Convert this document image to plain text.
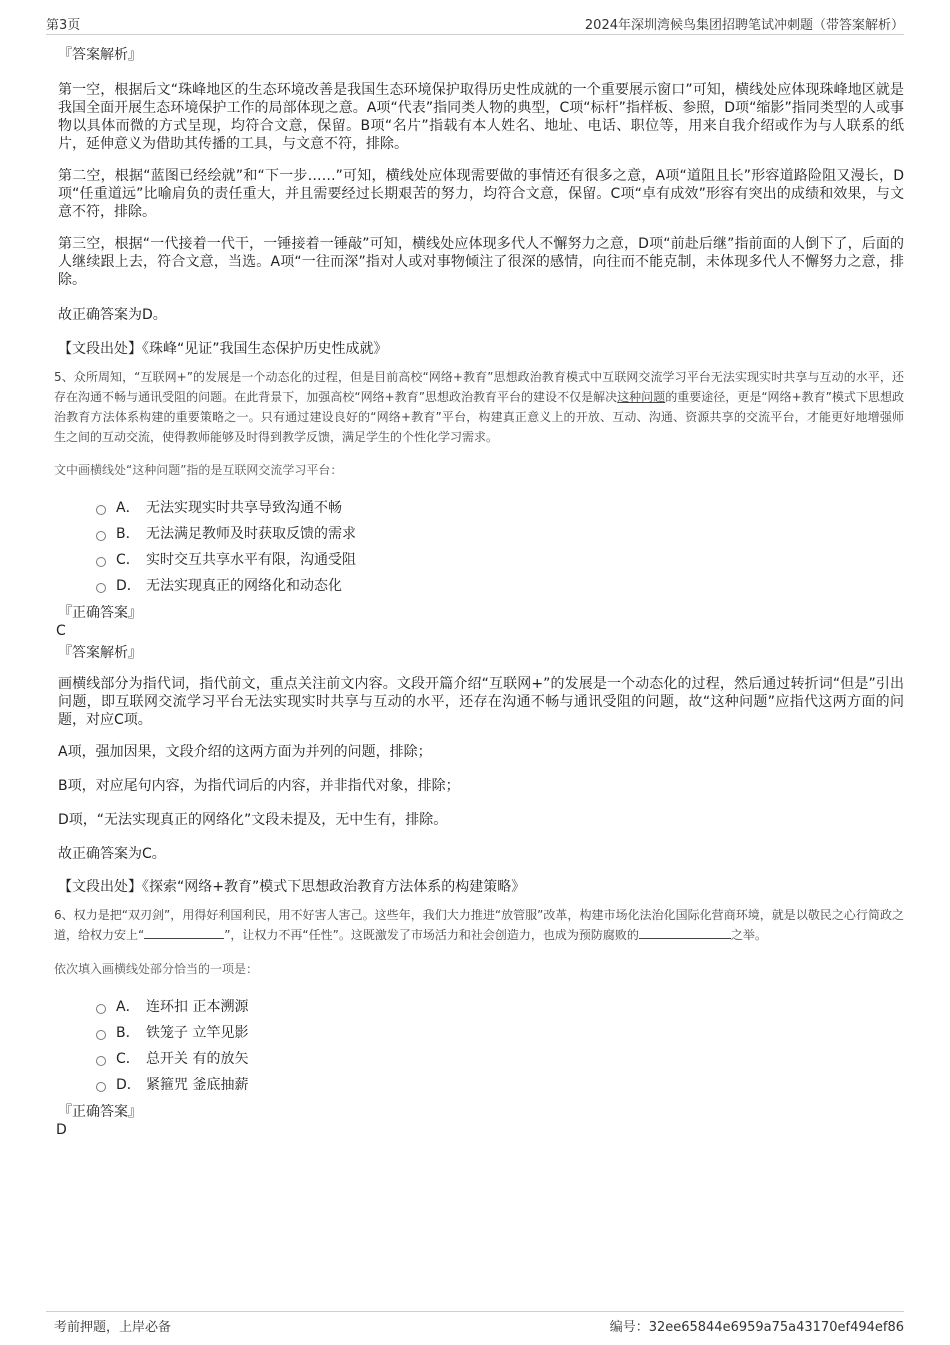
第3页	2024年深圳湾候鸟集团招聘笔试冲刺题（带答案解析）
『答案解析』
第一空，根据后文“珠峰地区的生态环境改善是我国生态环境保护取得历史性成就的一个重要展示窗口”可知，横线处应体现珠峰地区就是我国全面开展生态环境保护工作的局部体现之意。A项“代表”指同类人物的典型，C项“标杆”指样板、参照，D项“缩影”指同类型的人或事物以具体而微的方式呈现，均符合文意，保留。B项“名片”指载有本人姓名、地址、电话、职位等，用来自我介绍或作为与人联系的纸片，延伸意义为借助其传播的工具，与文意不符，排除。
第二空，根据“蓝图已经绘就”和“下一步……”可知，横线处应体现需要做的事情还有很多之意，A项“道阻且长”形容道路险阻又漫长，D项“任重道远”比喻肩负的责任重大，并且需要经过长期艰苦的努力，均符合文意，保留。C项“卓有成效”形容有突出的成绩和效果，与文意不符，排除。
第三空，根据“一代接着一代干，一锤接着一锤敲”可知，横线处应体现多代人不懈努力之意，D项“前赴后继”指前面的人倒下了，后面的人继续跟上去，符合文意，当选。A项“一往而深”指对人或对事物倾注了很深的感情，向往而不能克制，未体现多代人不懈努力之意，排除。
故正确答案为D。
【文段出处】《珠峰“见证”我国生态保护历史性成就》
5、众所周知，“互联网+”的发展是一个动态化的过程，但是目前高校“网络+教育”思想政治教育模式中互联网交流学习平台无法实现实时共享与互动的水平，还存在沟通不畅与通讯受阻的问题。在此背景下，加强高校“网络+教育”思想政治教育平台的建设不仅是解决这种问题的重要途径，更是“网络+教育”模式下思想政治教育方法体系构建的重要策略之一。只有通过建设良好的“网络+教育”平台，构建真正意义上的开放、互动、沟通、资源共享的交流平台，才能更好地增强师生之间的互动交流，使得教师能够及时得到教学反馈，满足学生的个性化学习需求。
文中画横线处“这种问题”指的是互联网交流学习平台：
A． 无法实现实时共享导致沟通不畅
B． 无法满足教师及时获取反馈的需求
C． 实时交互共享水平有限，沟通受阻
D． 无法实现真正的网络化和动态化
『正确答案』
C
『答案解析』
画横线部分为指代词，指代前文，重点关注前文内容。文段开篇介绍“互联网+”的发展是一个动态化的过程，然后通过转折词“但是”引出问题，即互联网交流学习平台无法实现实时共享与互动的水平，还存在沟通不畅与通讯受阻的问题，故“这种问题”应指代这两方面的问题，对应C项。
A项，强加因果，文段介绍的这两方面为并列的问题，排除；
B项，对应尾句内容，为指代词后的内容，并非指代对象，排除；
D项，“无法实现真正的网络化”文段未提及，无中生有，排除。
故正确答案为C。
【文段出处】《探索“网络+教育”模式下思想政治教育方法体系的构建策略》
6、权力是把“双刃剑”，用得好利国利民，用不好害人害己。这些年，我们大力推进“放管服”改革，构建市场化法治化国际化营商环境，就是以敬民之心行简政之道，给权力安上“	”，让权力不再“任性”。这既激发了市场活力和社会创造力，也成为预防腐败的	之举。
依次填入画横线处部分恰当的一项是：
A． 连环扣 正本溯源
B． 铁笼子 立竿见影
C． 总开关 有的放矢
D． 紧箍咒 釜底抽薪
『正确答案』
D
考前押题，上岸必备	编号：32ee65844e6959a75a43170ef494ef86
